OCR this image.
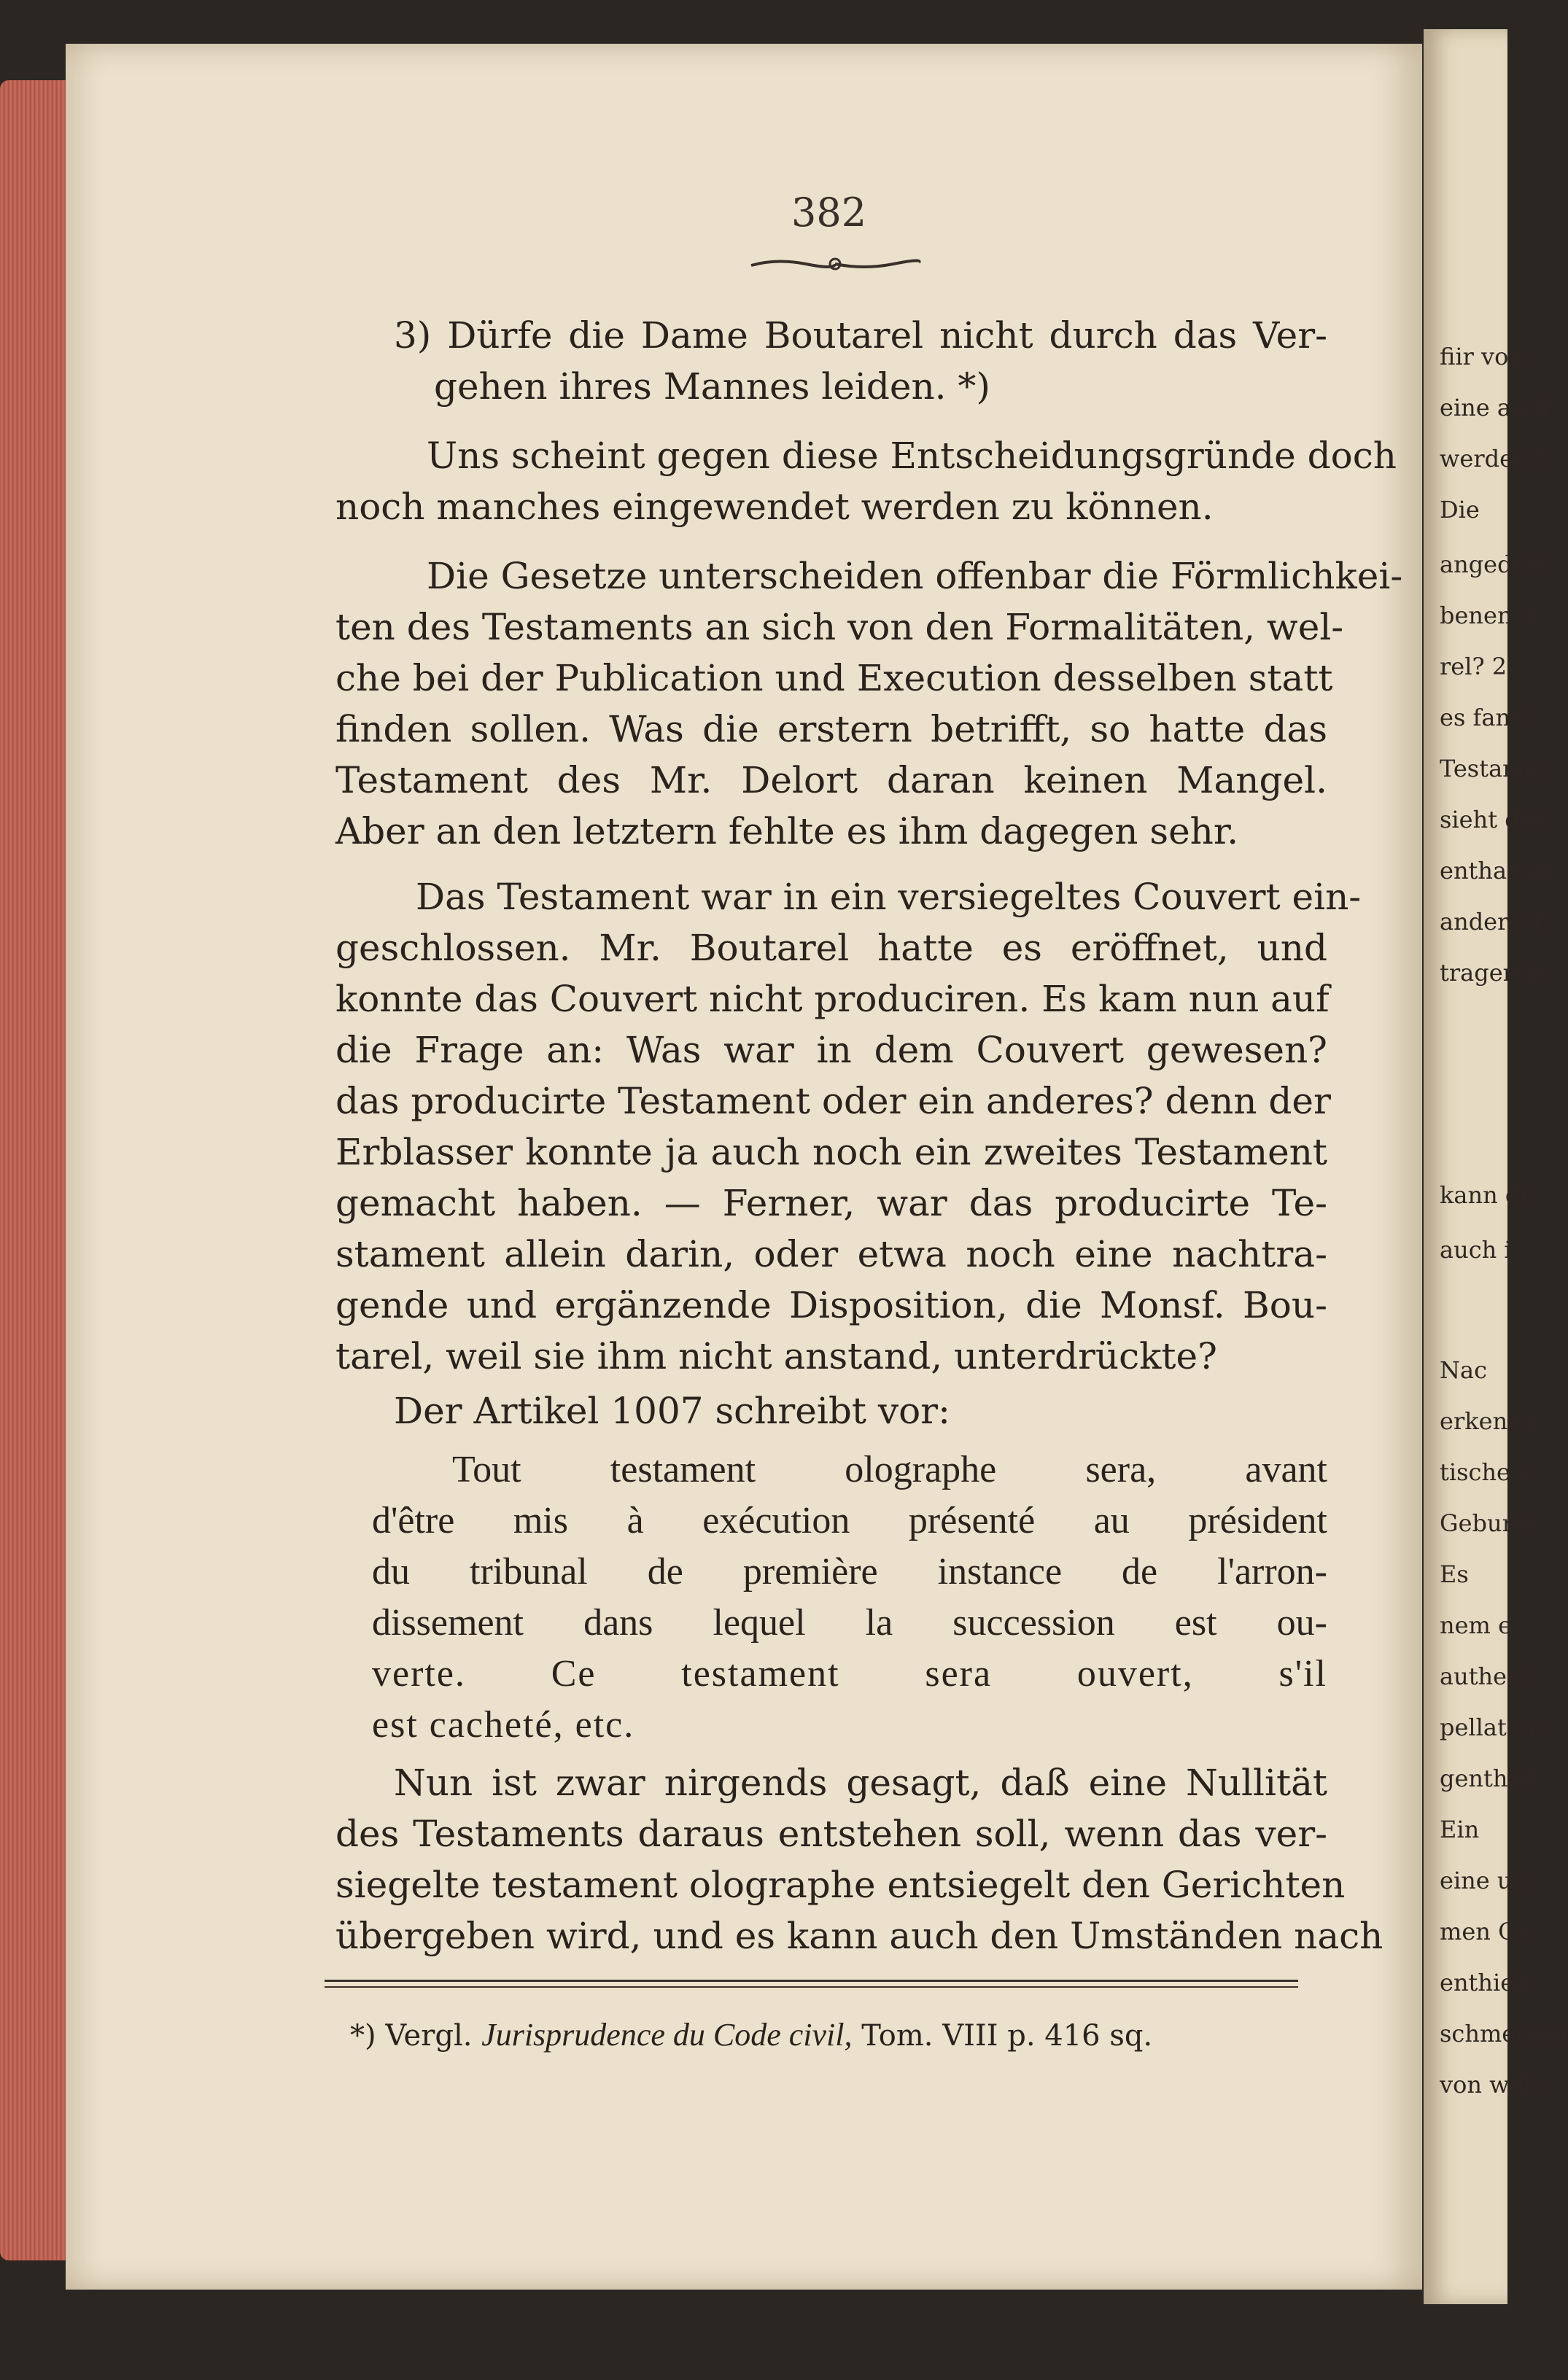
fiir von
eine andr
werden f
Die
angedeih
benen A
rel? 2
es fand,
Testamen
sieht daß
enthalten
andere T
tragende
kann di
auch i
Nac
erkennu
tischen
Geburte
Es
nem e
authenti
pellation
gentheil
Ein
eine un
men Ca
enthielt,
schmerzen
von welc
382
3) Dürfe die Dame Boutarel nicht durch das Ver-
gehen ihres Mannes leiden. *)
Uns scheint gegen diese Entscheidungsgründe doch
noch manches eingewendet werden zu können.
Die Gesetze unterscheiden offenbar die Förmlichkei-
ten des Testaments an sich von den Formalitäten, wel-
che bei der Publication und Execution desselben statt
finden sollen. Was die erstern betrifft, so hatte das
Testament des Mr. Delort daran keinen Mangel.
Aber an den letztern fehlte es ihm dagegen sehr.
Das Testament war in ein versiegeltes Couvert ein-
geschlossen. Mr. Boutarel hatte es eröffnet, und
konnte das Couvert nicht produciren. Es kam nun auf
die Frage an: Was war in dem Couvert gewesen?
das producirte Testament oder ein anderes? denn der
Erblasser konnte ja auch noch ein zweites Testament
gemacht haben. — Ferner, war das producirte Te-
stament allein darin, oder etwa noch eine nachtra-
gende und ergänzende Disposition, die Monsf. Bou-
tarel, weil sie ihm nicht anstand, unterdrückte?
Der Artikel 1007 schreibt vor:
Tout testament olographe sera, avant
d'être mis à exécution présenté au président
du tribunal de première instance de l'arron-
dissement dans lequel la succession est ou-
verte. Ce testament sera ouvert, s'il
est cacheté, etc.
Nun ist zwar nirgends gesagt, daß eine Nullität
des Testaments daraus entstehen soll, wenn das ver-
siegelte testament olographe entsiegelt den Gerichten
übergeben wird, und es kann auch den Umständen nach
*) Vergl. Jurisprudence du Code civil, Tom. VIII p. 416 sq.
